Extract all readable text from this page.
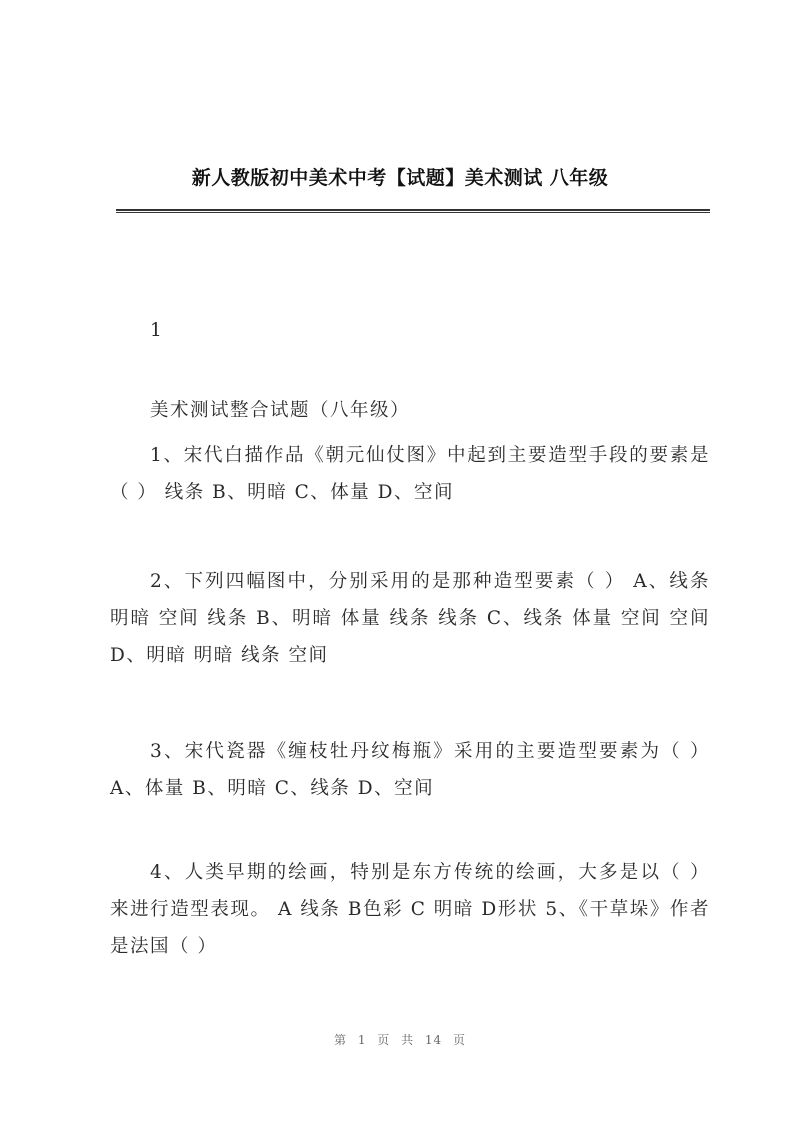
新人教版初中美术中考【试题】美术测试 八年级

1

美术测试整合试题（八年级）

1、宋代白描作品《朝元仙仗图》中起到主要造型手段的要素是（ ） 线条 B、明暗 C、体量 D、空间

2、下列四幅图中，分别采用的是那种造型要素（ ） A、线条 明暗 空间 线条 B、明暗 体量 线条 线条 C、线条 体量 空间 空间 D、明暗 明暗 线条 空间

3、宋代瓷器《缠枝牡丹纹梅瓶》采用的主要造型要素为（ ） A、体量 B、明暗 C、线条 D、空间

4、人类早期的绘画，特别是东方传统的绘画，大多是以（ ） 来进行造型表现。 A 线条 B色彩 C 明暗 D形状 5、《干草垛》作者是法国（ ）

第 1 页 共 14 页
